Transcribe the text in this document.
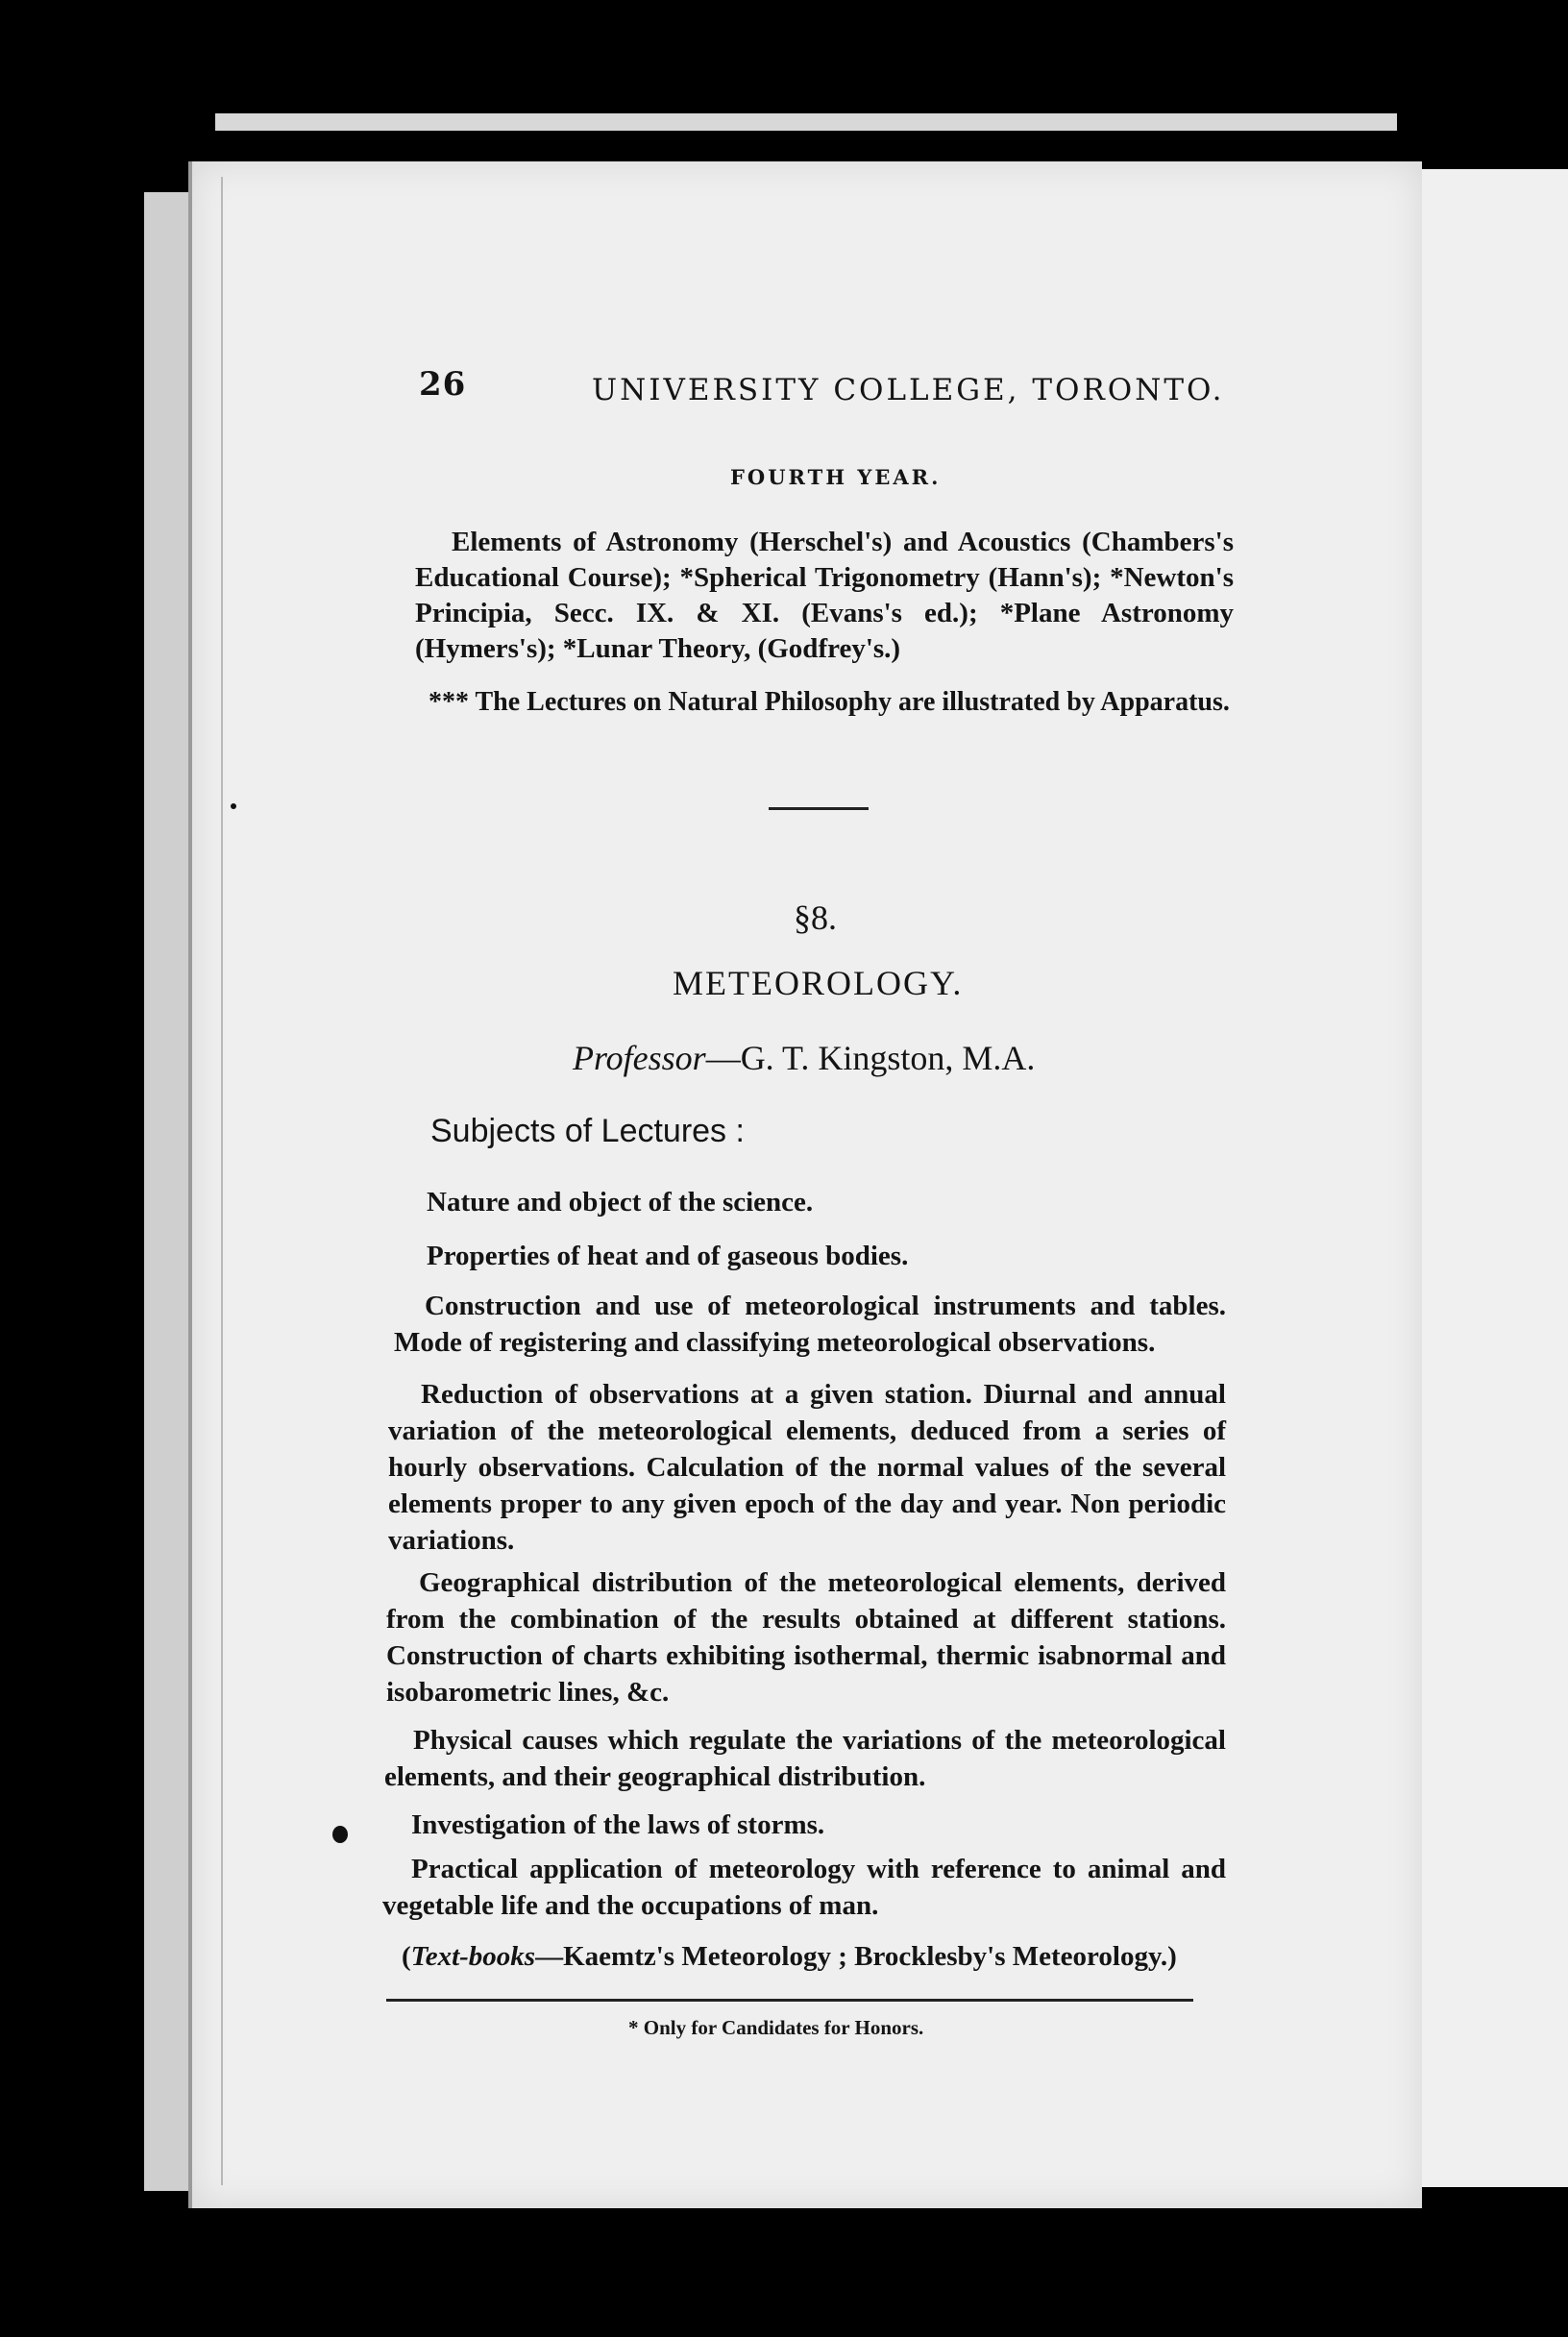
26	UNIVERSITY COLLEGE, TORONTO.
FOURTH YEAR.
Elements of Astronomy (Herschel's) and Acoustics (Chambers's Educational Course); *Spherical Trigonometry (Hann's); *Newton's Principia, Secc. IX. & XI. (Evans's ed.); *Plane Astronomy (Hymers's); *Lunar Theory, (Godfrey's.)
*** The Lectures on Natural Philosophy are illustrated by Apparatus.
§8.
METEOROLOGY.
Professor—G. T. Kingston, M.A.
Subjects of Lectures :
Nature and object of the science.
Properties of heat and of gaseous bodies.
Construction and use of meteorological instruments and tables. Mode of registering and classifying meteorological observations.
Reduction of observations at a given station. Diurnal and annual variation of the meteorological elements, deduced from a series of hourly observations. Calculation of the normal values of the several elements proper to any given epoch of the day and year. Non periodic variations.
Geographical distribution of the meteorological elements, derived from the combination of the results obtained at different stations. Construction of charts exhibiting isothermal, thermic isabnormal and isobarometric lines, &c.
Physical causes which regulate the variations of the meteorological elements, and their geographical distribution.
Investigation of the laws of storms.
Practical application of meteorology with reference to animal and vegetable life and the occupations of man.
(Text-books—Kaemtz's Meteorology ; Brocklesby's Meteorology.)
* Only for Candidates for Honors.
